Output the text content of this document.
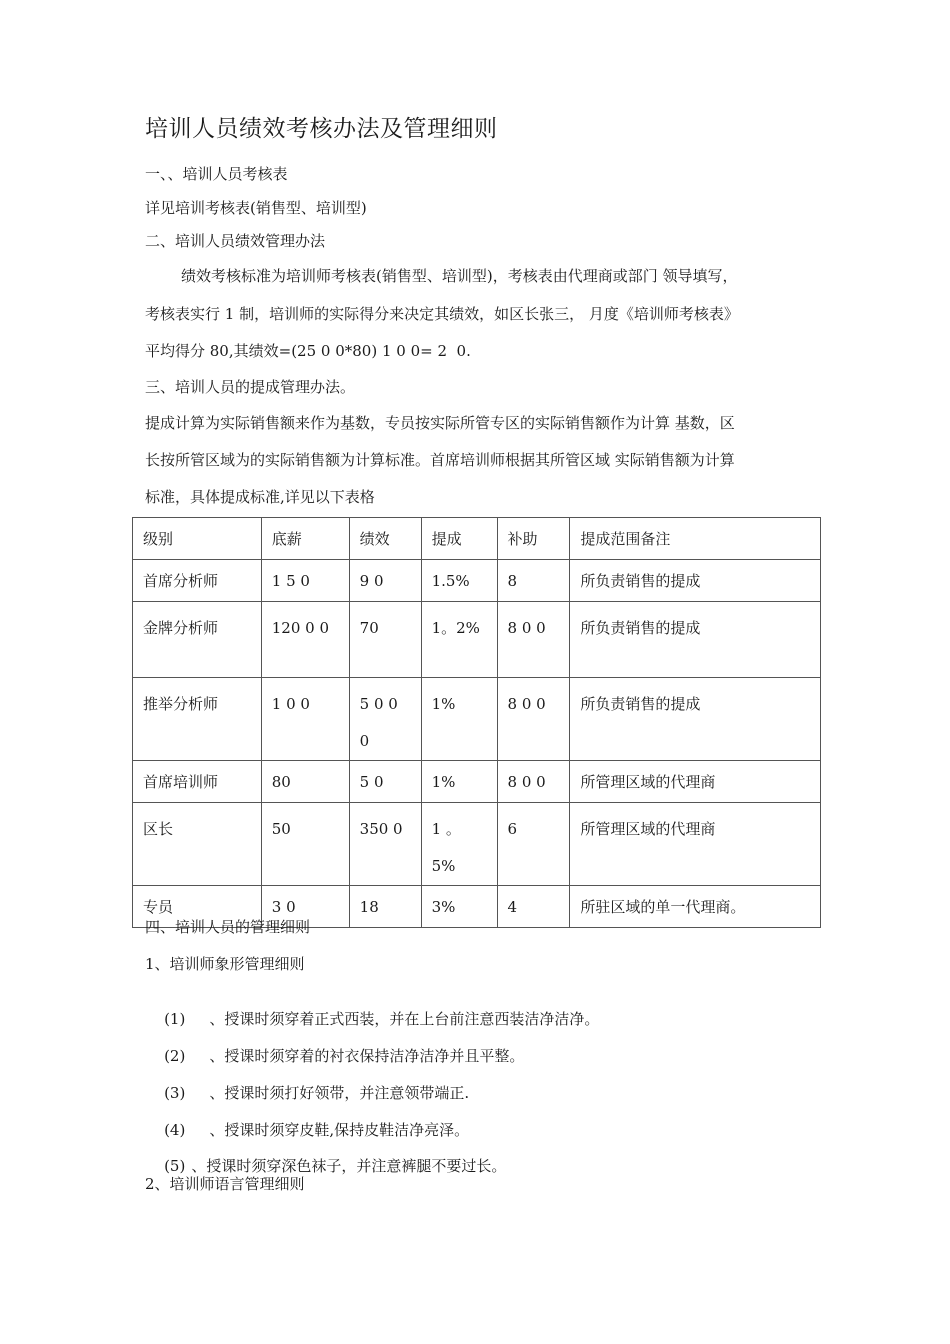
培训人员绩效考核办法及管理细则
一、、培训人员考核表
详见培训考核表(销售型、培训型)
二、培训人员绩效管理办法
绩效考核标准为培训师考核表(销售型、培训型)，考核表由代理商或部门 领导填写，
考核表实行 1 制，培训师的实际得分来决定其绩效，如区长张三， 月度《培训师考核表》
平均得分 80,其绩效=(25 0 0*80) 1 0 0= 2  0.
三、培训人员的提成管理办法。
提成计算为实际销售额来作为基数，专员按实际所管专区的实际销售额作为计算 基数，区
长按所管区域为的实际销售额为计算标准。首席培训师根据其所管区域 实际销售额为计算
标准，具体提成标准,详见以下表格
级别	底薪	绩效	提成	补助	提成范围备注
首席分析师	1 5 0	9 0	1.5%	8	所负责销售的提成
金牌分析师	120 0 0	70	1。2%	8 0 0	所负责销售的提成
推举分析师	1 0 0	5 0 0 0	1%	8 0 0	所负责销售的提成
首席培训师	80	5 0	1%	8 0 0	所管理区域的代理商
区长	50	350 0	1 。 5%	6	所管理区域的代理商
专员	3 0	18	3%	4	所驻区域的单一代理商。
四、培训人员的管理细则
1、培训师象形管理细则

(1) 、授课时须穿着正式西装，并在上台前注意西装洁净洁净。

(2) 、授课时须穿着的衬衣保持洁净洁净并且平整。

(3) 、授课时须打好领带，并注意领带端正.

(4) 、授课时须穿皮鞋,保持皮鞋洁净亮泽。

(5) 、授课时须穿深色袜子，并注意裤腿不要过长。

2、培训师语言管理细则
